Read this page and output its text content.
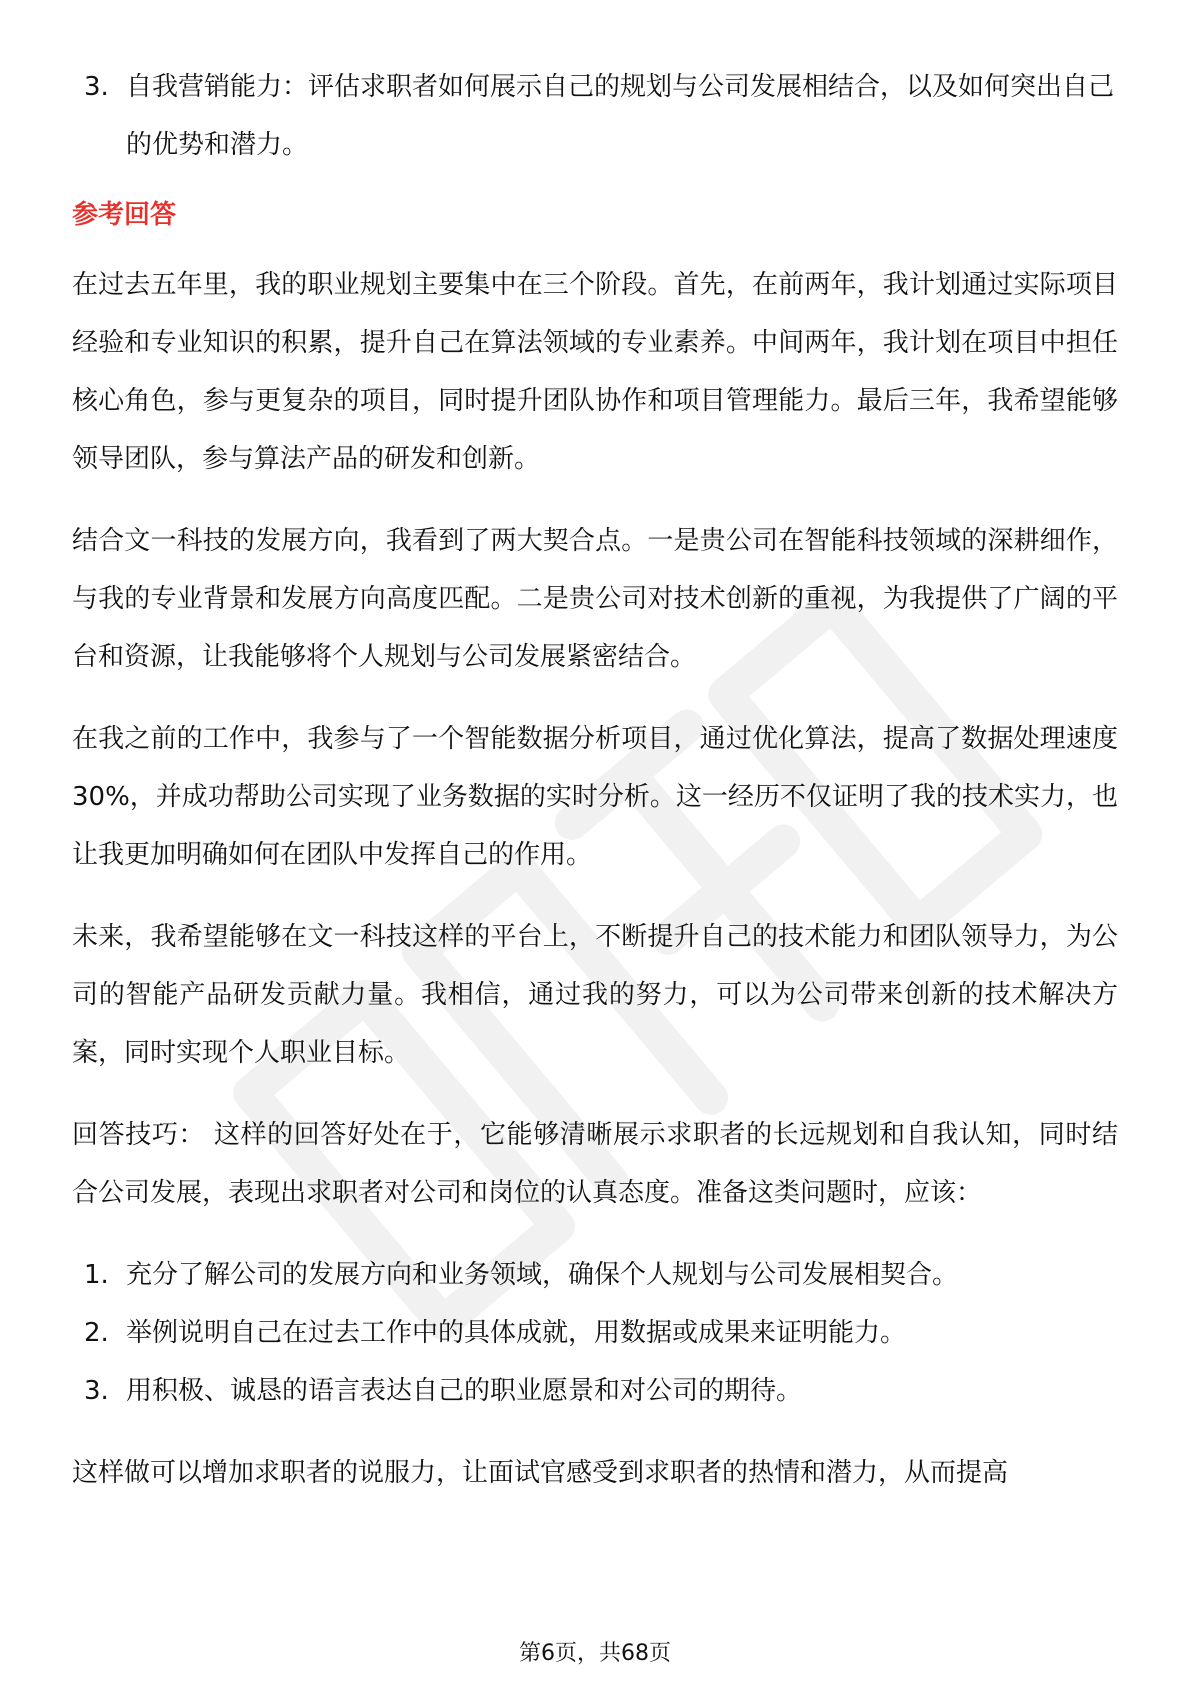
3. 自我营销能力：评估求职者如何展示自己的规划与公司发展相结合，以及如何突出自己的优势和潜力。
参考回答

在过去五年里，我的职业规划主要集中在三个阶段。首先，在前两年，我计划通过实际项目经验和专业知识的积累，提升自己在算法领域的专业素养。中间两年，我计划在项目中担任核心角色，参与更复杂的项目，同时提升团队协作和项目管理能力。最后三年，我希望能够领导团队，参与算法产品的研发和创新。

结合文一科技的发展方向，我看到了两大契合点。一是贵公司在智能科技领域的深耕细作，与我的专业背景和发展方向高度匹配。二是贵公司对技术创新的重视，为我提供了广阔的平台和资源，让我能够将个人规划与公司发展紧密结合。

在我之前的工作中，我参与了一个智能数据分析项目，通过优化算法，提高了数据处理速度30%，并成功帮助公司实现了业务数据的实时分析。这一经历不仅证明了我的技术实力，也让我更加明确如何在团队中发挥自己的作用。

未来，我希望能够在文一科技这样的平台上，不断提升自己的技术能力和团队领导力，为公司的智能产品研发贡献力量。我相信，通过我的努力，可以为公司带来创新的技术解决方案，同时实现个人职业目标。

回答技巧： 这样的回答好处在于，它能够清晰展示求职者的长远规划和自我认知，同时结合公司发展，表现出求职者对公司和岗位的认真态度。准备这类问题时，应该：

1. 充分了解公司的发展方向和业务领域，确保个人规划与公司发展相契合。
2. 举例说明自己在过去工作中的具体成就，用数据或成果来证明能力。
3. 用积极、诚恳的语言表达自己的职业愿景和对公司的期待。

这样做可以增加求职者的说服力，让面试官感受到求职者的热情和潜力，从而提高

第6页，共68页
